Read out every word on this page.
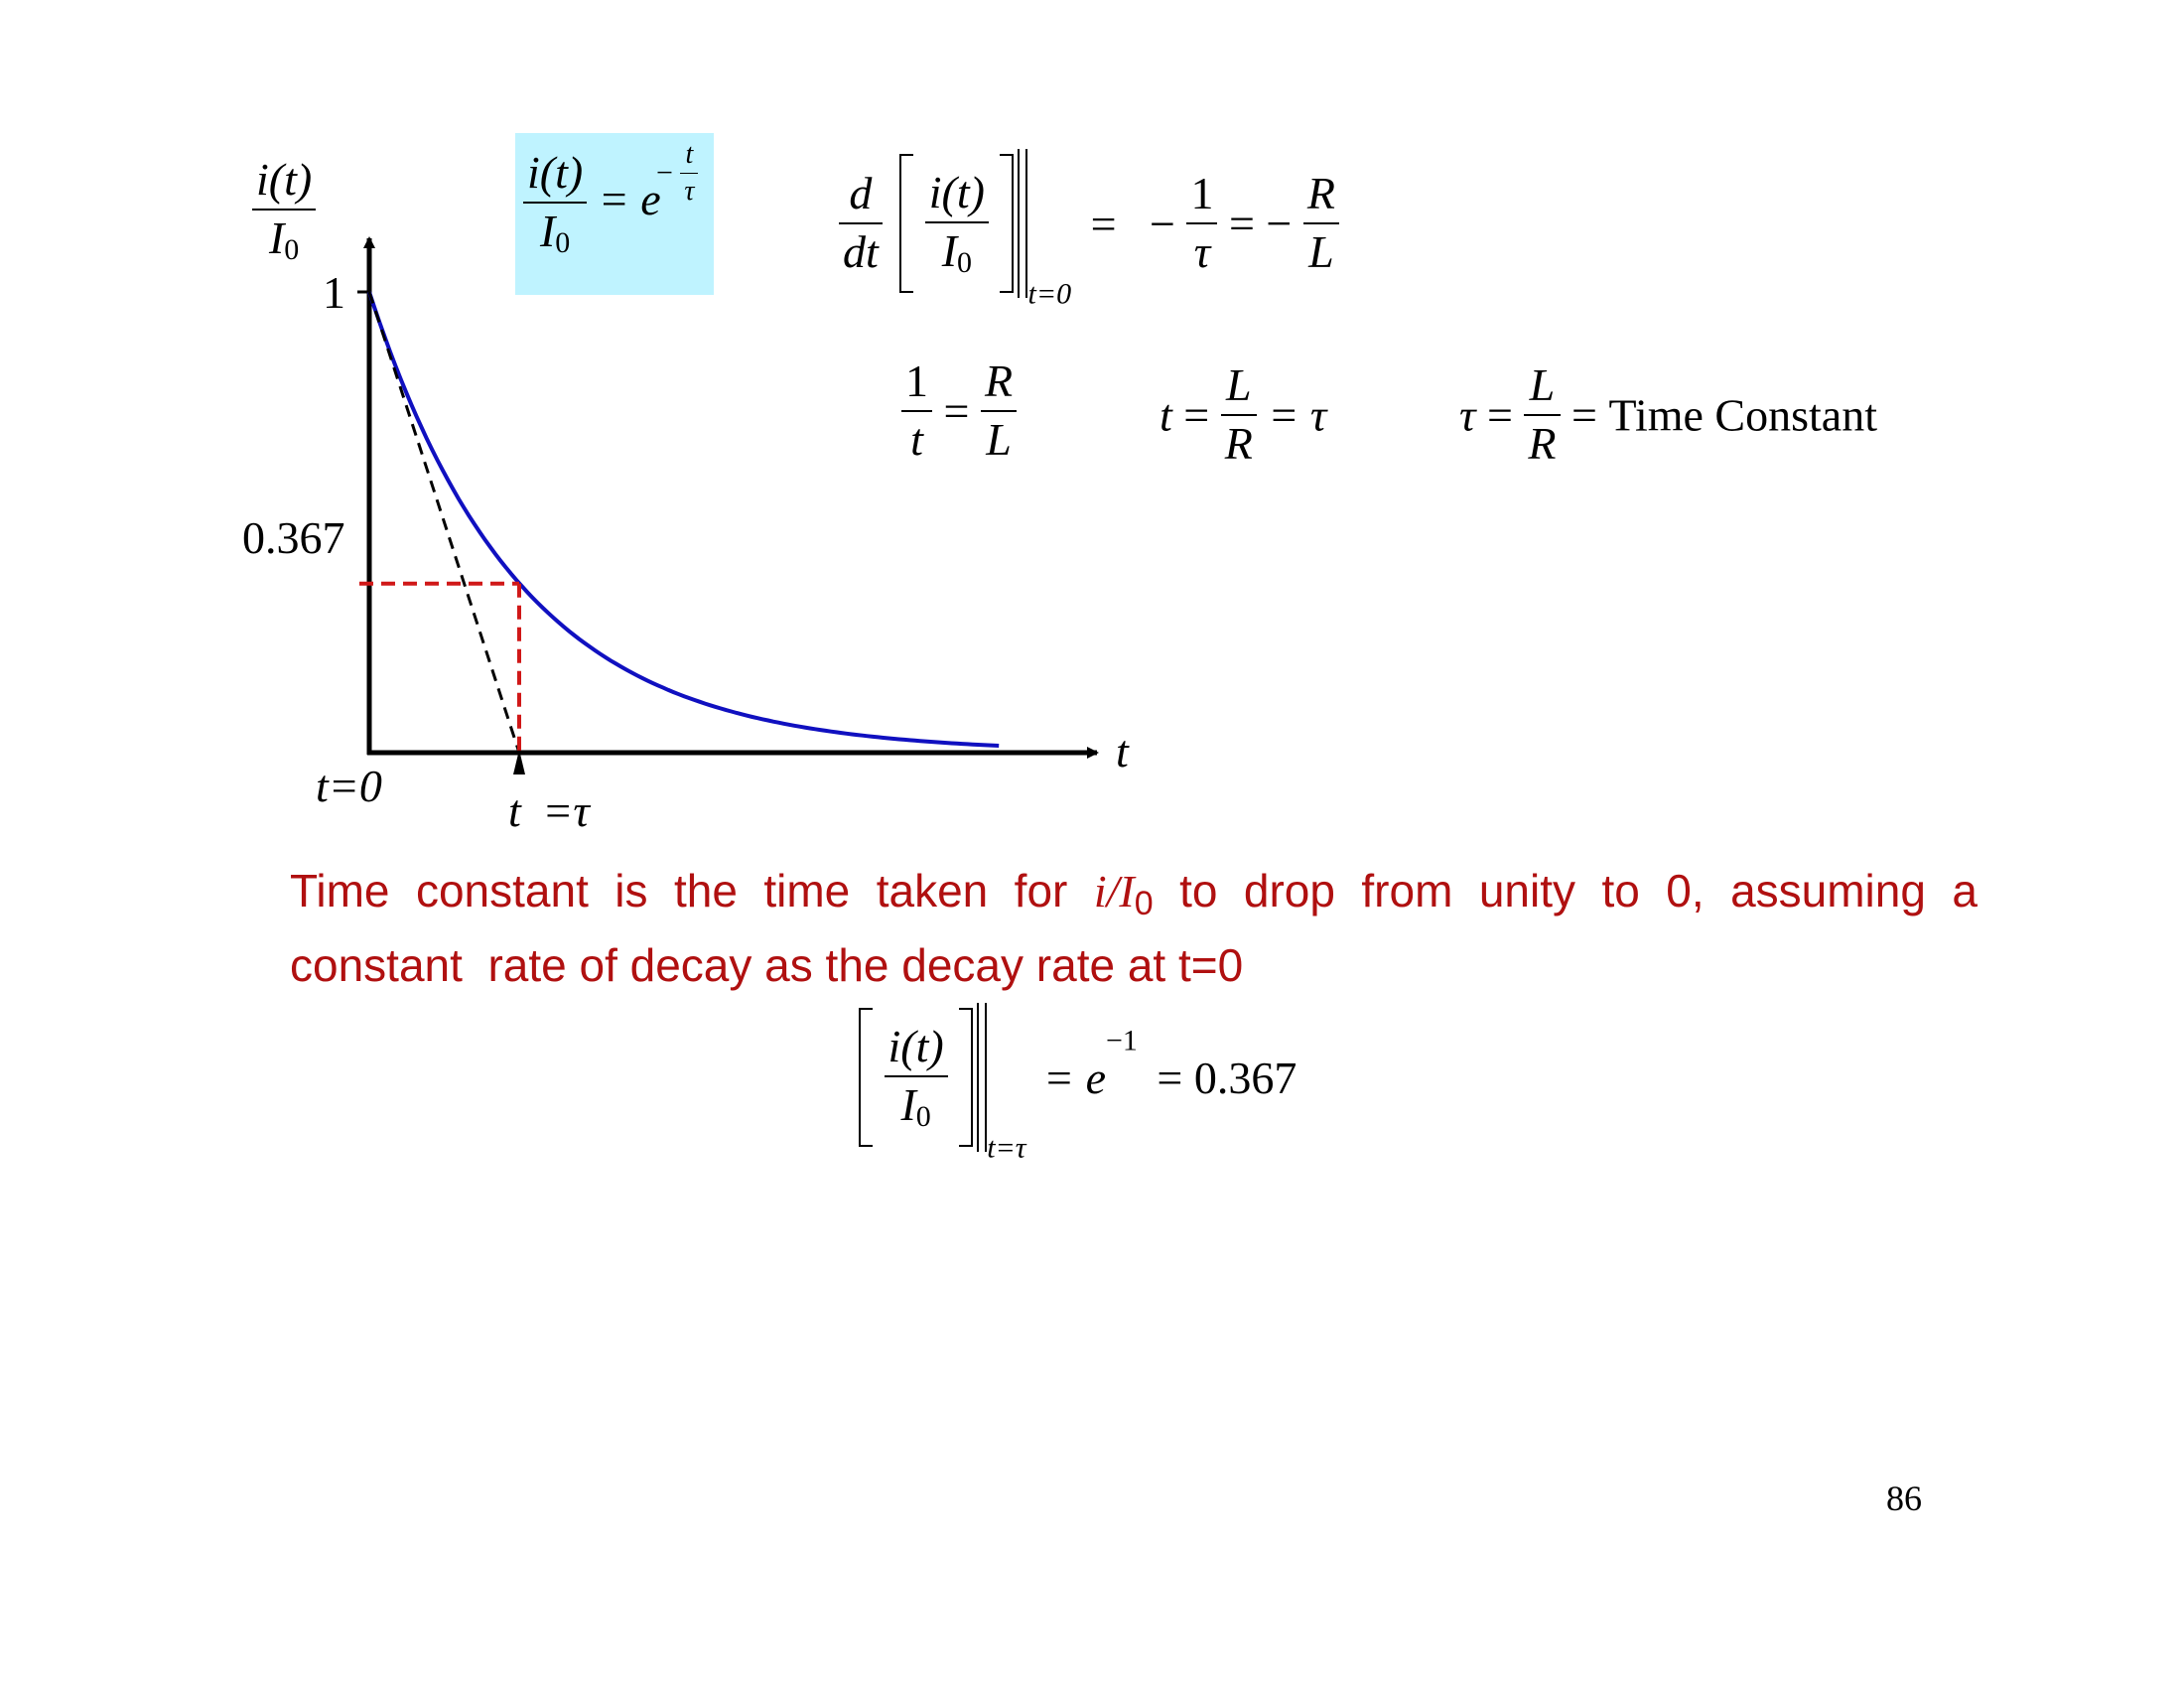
$\frac{i(t)}{I0}$
1
0.367
t
t=0	t =τ
$\frac{i(t)}{I0} = e$
− $\frac{t}{\tau}$	$\frac{d}{dt}$
$\frac{i(t)}{I0}$
$_{t=0}$ = − $\frac{1}{\tau}$ = − $\frac{R}{L}$
$\frac{1}{t} = \frac{R}{L}$	$t = \frac{L}{R} = \tau$	$\tau = \frac{L}{R}$ = Time Constant
Time constant is the time taken for i/I0 to drop from unity to 0, assuming a
constant  rate of decay as the decay rate at t=0

$\frac{i(t)}{I0}$
$_{t=\tau} = e^{-1} = 0.367$
86
